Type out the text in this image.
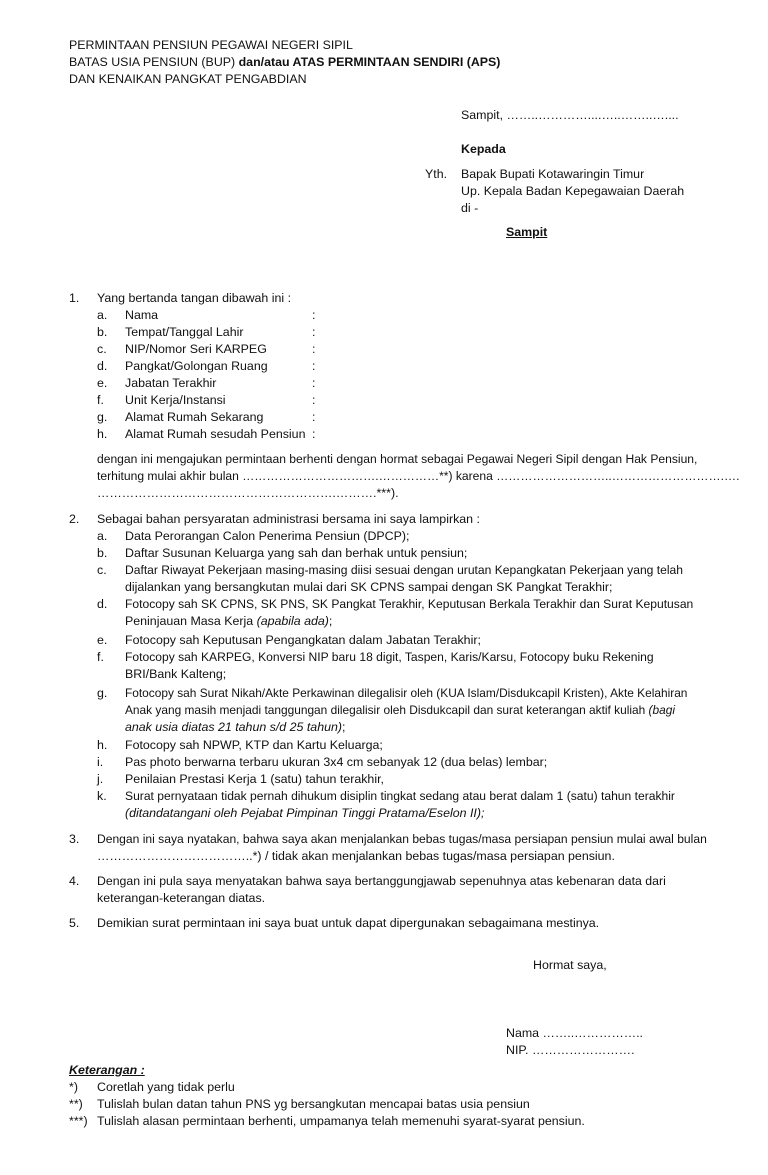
PERMINTAAN PENSIUN PEGAWAI NEGERI SIPIL
BATAS USIA PENSIUN (BUP) dan/atau ATAS PERMINTAAN SENDIRI (APS)
DAN KENAIKAN PANGKAT PENGABDIAN
Sampit, ……..…………....…..……..…....
Kepada
Yth. Bapak Bupati Kotawaringin Timur
Up. Kepala Badan Kepegawaian Daerah
di -
Sampit
1. Yang bertanda tangan dibawah ini :
a. Nama	:
b. Tempat/Tanggal Lahir	:
c. NIP/Nomor Seri KARPEG	:
d. Pangkat/Golongan Ruang	:
e. Jabatan Terakhir	:
f. Unit Kerja/Instansi	:
g. Alamat Rumah Sekarang	:
h. Alamat Rumah sesudah Pensiun :
dengan ini mengajukan permintaan berhenti dengan hormat sebagai Pegawai Negeri Sipil dengan Hak Pensiun,
terhitung mulai akhir bulan …………………………….……………**) karena ………………………..……………………….….
………………………………………………….……….***).
2. Sebagai bahan persyaratan administrasi bersama ini saya lampirkan :
a. Data Perorangan Calon Penerima Pensiun (DPCP);
b. Daftar Susunan Keluarga yang sah dan berhak untuk pensiun;
c. Daftar Riwayat Pekerjaan masing-masing diisi sesuai dengan urutan Kepangkatan Pekerjaan yang telah
dijalankan yang bersangkutan mulai dari SK CPNS sampai dengan SK Pangkat Terakhir;
d. Fotocopy sah SK CPNS, SK PNS, SK Pangkat Terakhir, Keputusan Berkala Terakhir dan Surat Keputusan
Peninjauan Masa Kerja (apabila ada);
e. Fotocopy sah Keputusan Pengangkatan dalam Jabatan Terakhir;
f. Fotocopy sah KARPEG, Konversi NIP baru 18 digit, Taspen, Karis/Karsu, Fotocopy buku Rekening
BRI/Bank Kalteng;
g. Fotocopy sah Surat Nikah/Akte Perkawinan dilegalisir oleh (KUA Islam/Disdukcapil Kristen), Akte Kelahiran
Anak yang masih menjadi tanggungan dilegalisir oleh Disdukcapil dan surat keterangan aktif kuliah (bagi
anak usia diatas 21 tahun s/d 25 tahun);
h. Fotocopy sah NPWP, KTP dan Kartu Keluarga;
i. Pas photo berwarna terbaru ukuran 3x4 cm sebanyak 12 (dua belas) lembar;
j. Penilaian Prestasi Kerja 1 (satu) tahun terakhir,
k. Surat pernyataan tidak pernah dihukum disiplin tingkat sedang atau berat dalam 1 (satu) tahun terakhir
(ditandatangani oleh Pejabat Pimpinan Tinggi Pratama/Eselon II);
3. Dengan ini saya nyatakan, bahwa saya akan menjalankan bebas tugas/masa persiapan pensiun mulai awal bulan
………………………………..*) / tidak akan menjalankan bebas tugas/masa persiapan pensiun.
4. Dengan ini pula saya menyatakan bahwa saya bertanggungjawab sepenuhnya atas kebenaran data dari
keterangan-keterangan diatas.
5. Demikian surat permintaan ini saya buat untuk dapat dipergunakan sebagaimana mestinya.
Hormat saya,
Nama ……..……………..
NIP. …………………….
Keterangan :
*) Coretlah yang tidak perlu
**) Tulislah bulan datan tahun PNS yg bersangkutan mencapai batas usia pensiun
***) Tulislah alasan permintaan berhenti, umpamanya telah memenuhi syarat-syarat pensiun.
